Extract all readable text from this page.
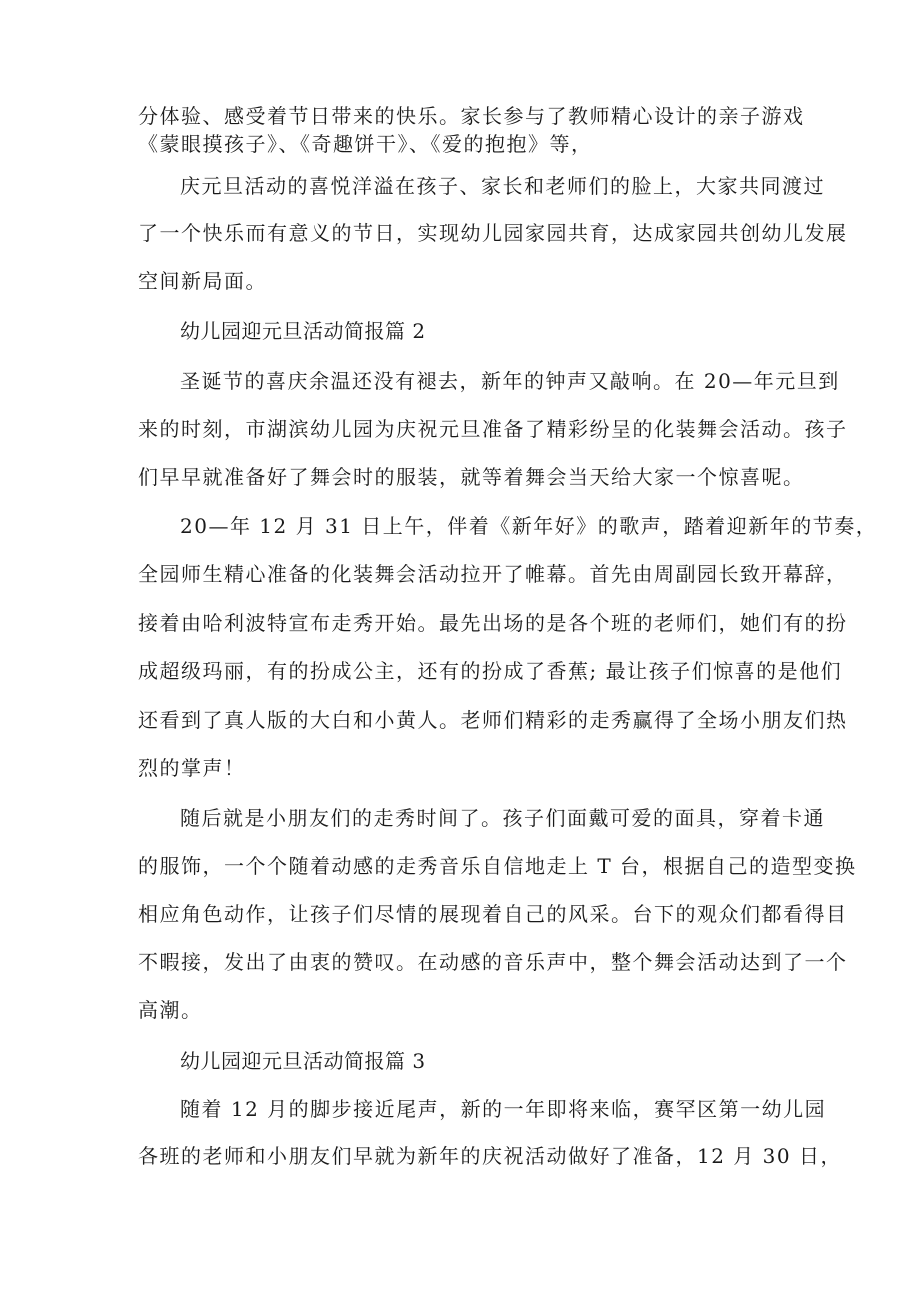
分体验、感受着节日带来的快乐。家长参与了教师精心设计的亲子游戏
《蒙眼摸孩子》、《奇趣饼干》、《爱的抱抱》等，
庆元旦活动的喜悦洋溢在孩子、家长和老师们的脸上，大家共同渡过
了一个快乐而有意义的节日，实现幼儿园家园共育，达成家园共创幼儿发展
空间新局面。
幼儿园迎元旦活动简报篇 2
圣诞节的喜庆余温还没有褪去，新年的钟声又敲响。在 20—年元旦到
来的时刻，市湖滨幼儿园为庆祝元旦准备了精彩纷呈的化装舞会活动。孩子
们早早就准备好了舞会时的服装，就等着舞会当天给大家一个惊喜呢。
20—年 12 月 31 日上午，伴着《新年好》的歌声，踏着迎新年的节奏，
全园师生精心准备的化装舞会活动拉开了帷幕。首先由周副园长致开幕辞，
接着由哈利波特宣布走秀开始。最先出场的是各个班的老师们，她们有的扮
成超级玛丽，有的扮成公主，还有的扮成了香蕉; 最让孩子们惊喜的是他们
还看到了真人版的大白和小黄人。老师们精彩的走秀赢得了全场小朋友们热
烈的掌声！
随后就是小朋友们的走秀时间了。孩子们面戴可爱的面具，穿着卡通
的服饰，一个个随着动感的走秀音乐自信地走上 T 台，根据自己的造型变换
相应角色动作，让孩子们尽情的展现着自己的风采。台下的观众们都看得目
不暇接，发出了由衷的赞叹。在动感的音乐声中，整个舞会活动达到了一个
高潮。
幼儿园迎元旦活动简报篇 3
随着 12 月的脚步接近尾声，新的一年即将来临，赛罕区第一幼儿园
各班的老师和小朋友们早就为新年的庆祝活动做好了准备，12 月 30 日，
